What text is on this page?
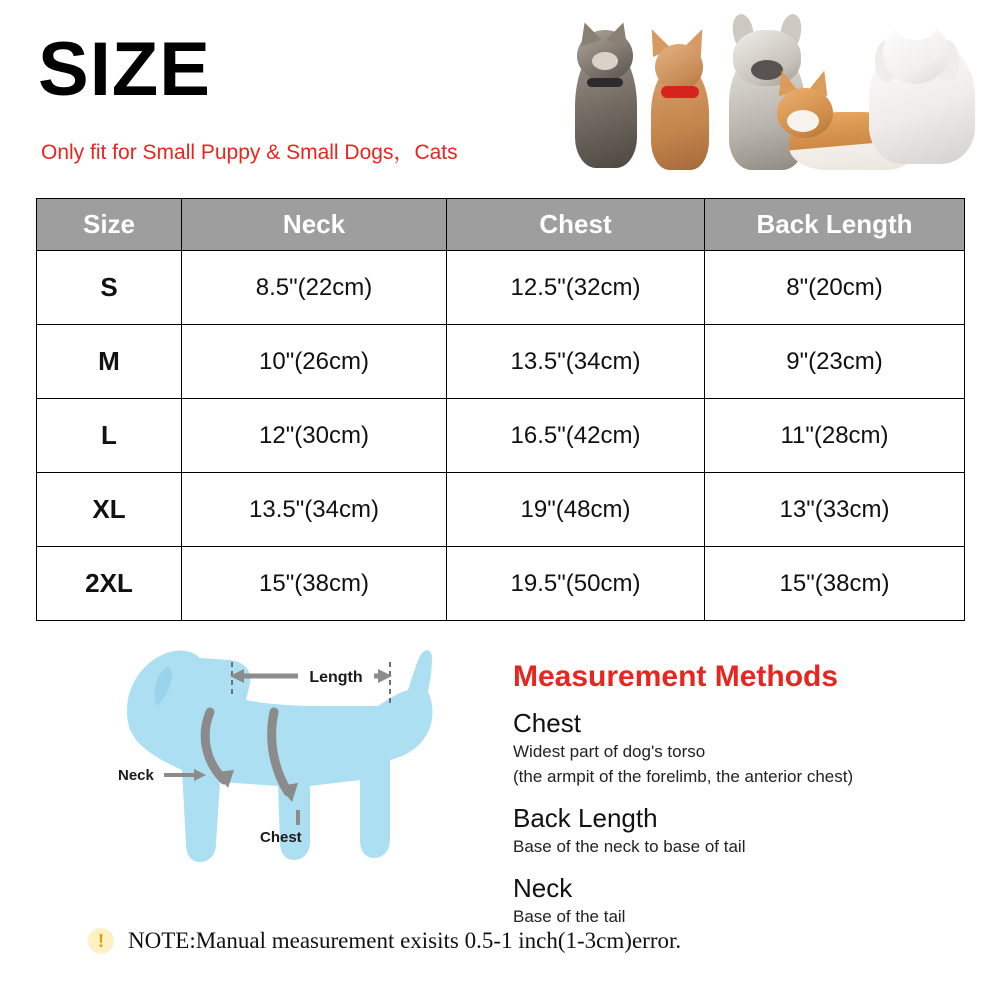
SIZE
Only fit for Small Puppy & Small Dogs，Cats
Size	Neck	Chest	Back Length
S	8.5"(22cm)	12.5"(32cm)	8"(20cm)
M	10"(26cm)	13.5"(34cm)	9"(23cm)
L	12"(30cm)	16.5"(42cm)	11"(28cm)
XL	13.5"(34cm)	19"(48cm)	13"(33cm)
2XL	15"(38cm)	19.5"(50cm)	15"(38cm)
Length
Neck
Chest
Measurement Methods
Chest
Widest part of dog's torso
(the armpit of the forelimb, the anterior chest)
Back Length
Base of the neck to base of tail
Neck
Base of the tail
!	NOTE:Manual measurement exisits 0.5-1 inch(1-3cm)error.
